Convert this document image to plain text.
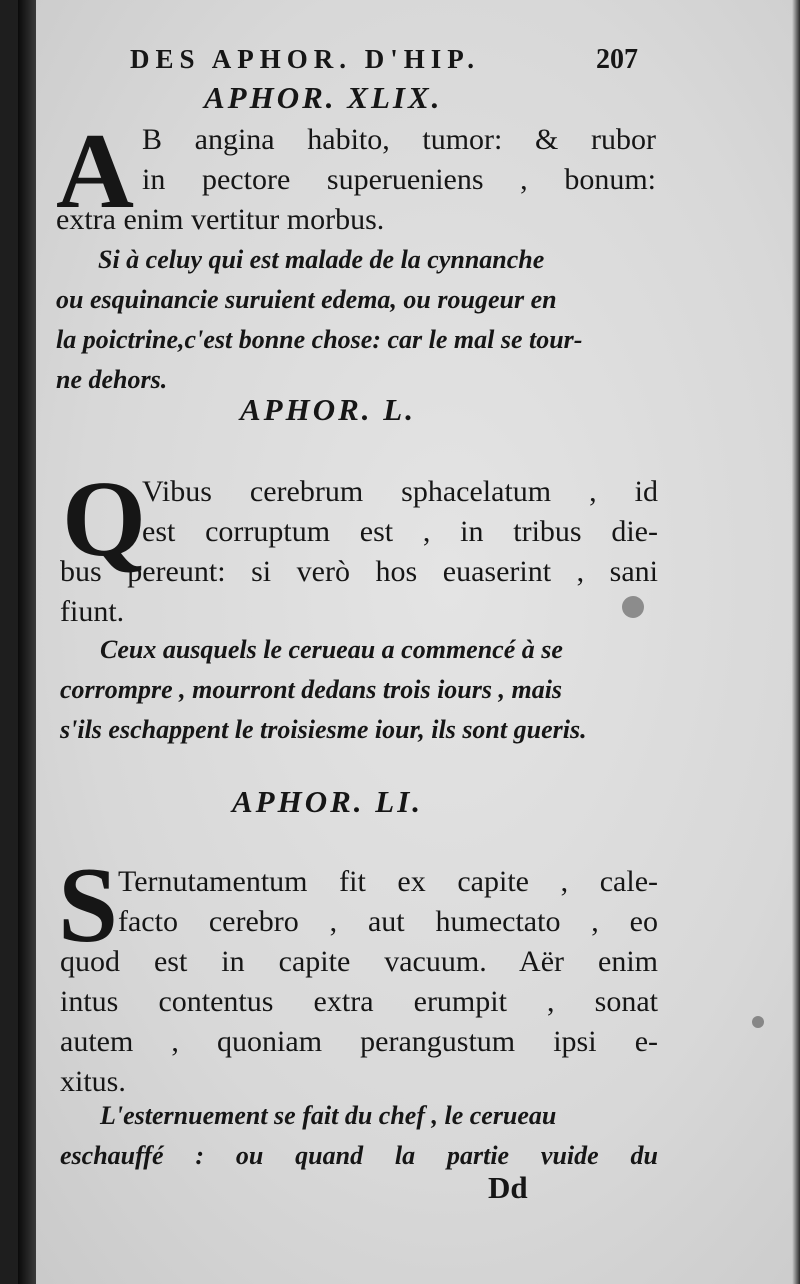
DES APHOR. D'HIP.	207
APHOR. XLIX.
A B angina habito, tumor: & rubor
in pectore superueniens , bonum:
extra enim vertitur morbus.
Si à celuy qui est malade de la cynnanche
ou esquinancie suruient edema, ou rougeur en
la poictrine,c'est bonne chose: car le mal se tour-
ne dehors.
APHOR. L.
Q
Vibus cerebrum sphacelatum , id
est corruptum est , in tribus die-
bus pereunt: si verò hos euaserint , sani
fiunt.
Ceux ausquels le cerueau a commencé à se
corrompre , mourront dedans trois iours , mais
s'ils eschappent le troisiesme iour, ils sont gueris.
APHOR. LI.
S Ternutamentum fit ex capite , cale-
facto cerebro , aut humectato , eo
quod est in capite vacuum. Aër enim
intus contentus extra erumpit , sonat
autem , quoniam perangustum ipsi e-
xitus.
L'esternuement se fait du chef , le cerueau
eschauffé : ou quand la partie vuide du
Dd
